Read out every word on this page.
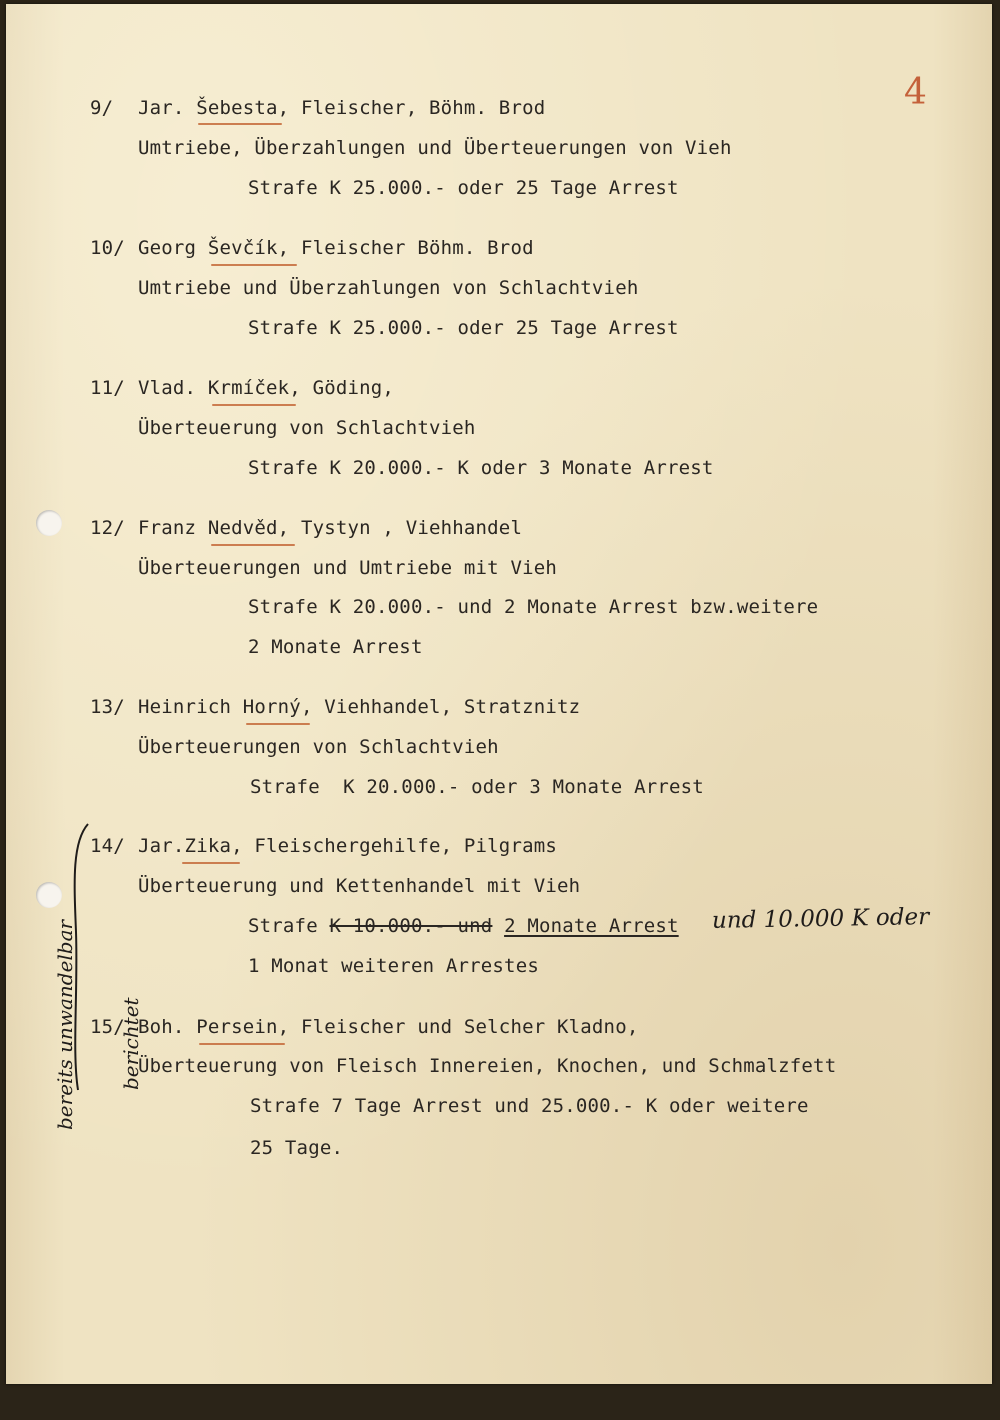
4
9/ Jar. Šebesta, Fleischer, Böhm. Brod
Umtriebe, Überzahlungen und Überteuerungen von Vieh
Strafe K 25.000.- oder 25 Tage Arrest
10/ Georg Ševčík, Fleischer Böhm. Brod
Umtriebe und Überzahlungen von Schlachtvieh
Strafe K 25.000.- oder 25 Tage Arrest
11/ Vlad. Krmíček, Göding,
Überteuerung von Schlachtvieh
Strafe K 20.000.- K oder 3 Monate Arrest
12/ Franz Nedvěd, Tystyn , Viehhandel
Überteuerungen und Umtriebe mit Vieh
Strafe K 20.000.- und 2 Monate Arrest bzw.weitere
2 Monate Arrest
13/ Heinrich Horný, Viehhandel, Stratznitz
Überteuerungen von Schlachtvieh
Strafe  K 20.000.- oder 3 Monate Arrest
14/ Jar.Zika, Fleischergehilfe, Pilgrams
Überteuerung und Kettenhandel mit Vieh
Strafe K 10.000.- und 2 Monate Arrest und 10.000 K oder
1 Monat weiteren Arrestes
15/ Boh. Persein, Fleischer und Selcher Kladno,
Überteuerung von Fleisch Innereien, Knochen, und Schmalzfett
Strafe 7 Tage Arrest und 25.000.- K oder weitere
25 Tage.

bereits unwandelbar

berichtet
